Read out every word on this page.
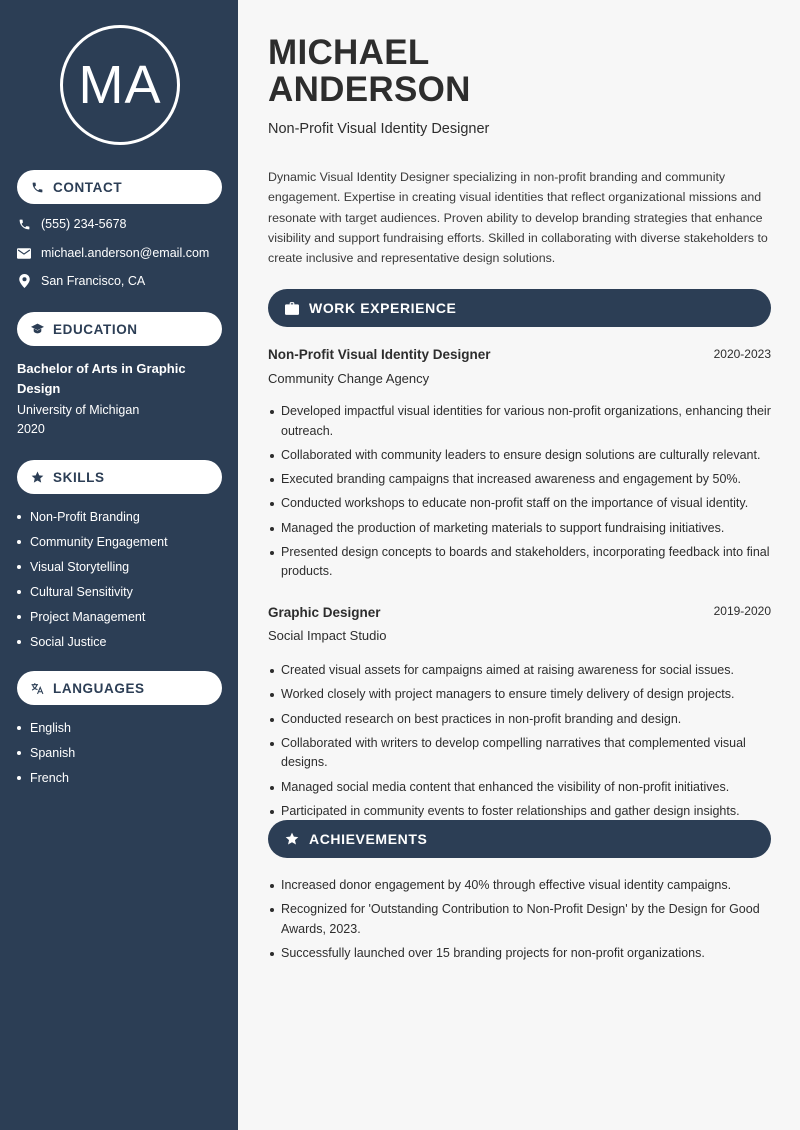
MA
CONTACT
(555) 234-5678
michael.anderson@email.com
San Francisco, CA
EDUCATION
Bachelor of Arts in Graphic Design
University of Michigan
2020
SKILLS
Non-Profit Branding
Community Engagement
Visual Storytelling
Cultural Sensitivity
Project Management
Social Justice
LANGUAGES
English
Spanish
French
MICHAEL
ANDERSON
Non-Profit Visual Identity Designer
Dynamic Visual Identity Designer specializing in non-profit branding and community engagement. Expertise in creating visual identities that reflect organizational missions and resonate with target audiences. Proven ability to develop branding strategies that enhance visibility and support fundraising efforts. Skilled in collaborating with diverse stakeholders to create inclusive and representative design solutions.
WORK EXPERIENCE
Non-Profit Visual Identity Designer	2020-2023
Community Change Agency
Developed impactful visual identities for various non-profit organizations, enhancing their outreach.
Collaborated with community leaders to ensure design solutions are culturally relevant.
Executed branding campaigns that increased awareness and engagement by 50%.
Conducted workshops to educate non-profit staff on the importance of visual identity.
Managed the production of marketing materials to support fundraising initiatives.
Presented design concepts to boards and stakeholders, incorporating feedback into final products.
Graphic Designer	2019-2020
Social Impact Studio
Created visual assets for campaigns aimed at raising awareness for social issues.
Worked closely with project managers to ensure timely delivery of design projects.
Conducted research on best practices in non-profit branding and design.
Collaborated with writers to develop compelling narratives that complemented visual designs.
Managed social media content that enhanced the visibility of non-profit initiatives.
Participated in community events to foster relationships and gather design insights.
ACHIEVEMENTS
Increased donor engagement by 40% through effective visual identity campaigns.
Recognized for 'Outstanding Contribution to Non-Profit Design' by the Design for Good Awards, 2023.
Successfully launched over 15 branding projects for non-profit organizations.
